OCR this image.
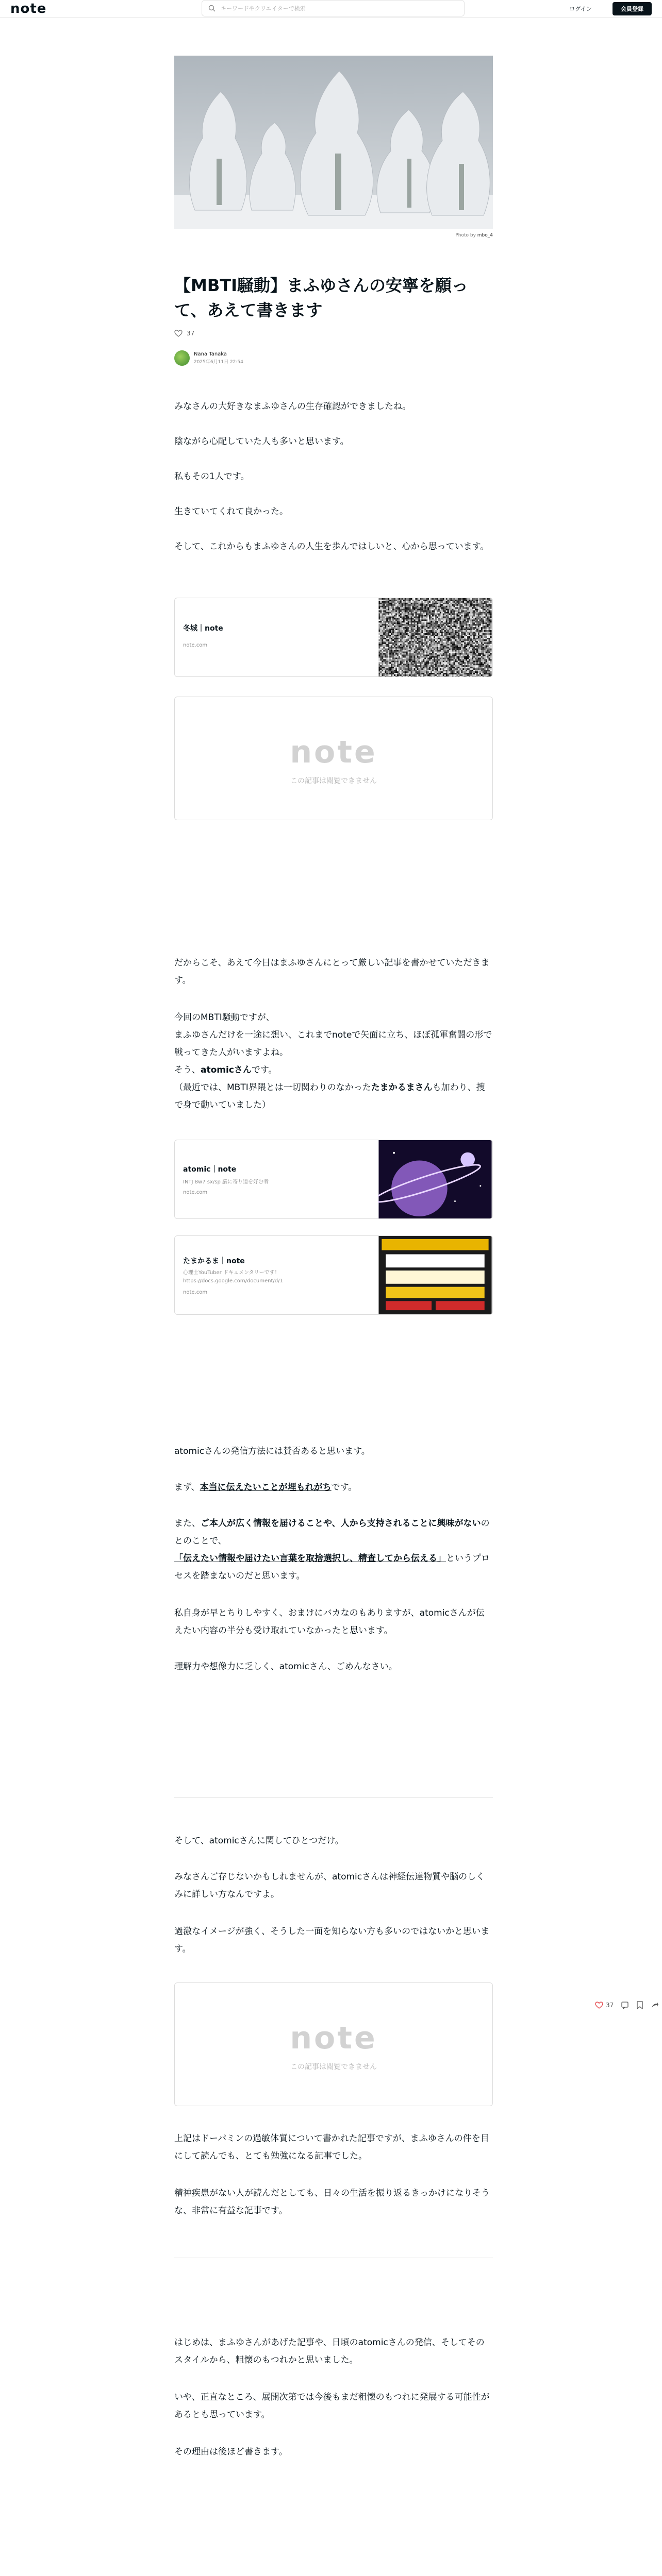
note
キーワードやクリエイターで検索	ログイン	会員登録
Photo by mbo_4
【MBTI騒動】まふゆさんの安寧を願って、あえて書きます
37
Nana Tanaka
2025年6月11日 22:54
みなさんの大好きなまふゆさんの生存確認ができましたね。
陰ながら心配していた人も多いと思います。
私もその1人です。
生きていてくれて良かった。
そして、これからもまふゆさんの人生を歩んではしいと、心から思っています。
冬城｜note
note.com
note
この記事は閲覧できません
だからこそ、あえて今日はまふゆさんにとって厳しい記事を書かせていただきます。
今回のMBTI騒動ですが、
まふゆさんだけを一途に想い、これまでnoteで矢面に立ち、ほぼ孤軍奮闘の形で戦ってきた人がいますよね。
そう、atomicさんです。
（最近では、MBTI界隈とは一切関わりのなかったたまかるまさんも加わり、捜で身で動いていました）
atomic｜note
INTJ 8w7 sx/sp 脳に寄り道を好む者
note.com
たまかるま｜note
心理士YouTuber ドキュメンタリーです！ https://docs.google.com/document/d/1
note.com
atomicさんの発信方法には賛否あると思います。
まず、本当に伝えたいことが埋もれがちです。
また、ご本人が広く情報を届けることや、人から支持されることに興味がないのとのことで、「伝えたい情報や届けたい言葉を取捨選択し、精査してから伝える」というプロセスを踏まないのだと思います。
私自身が早とちりしやすく、おまけにバカなのもありますが、atomicさんが伝えたい内容の半分も受け取れていなかったと思います。
理解力や想像力に乏しく、atomicさん、ごめんなさい。
そして、atomicさんに関してひとつだけ。
みなさんご存じないかもしれませんが、atomicさんは神経伝達物質や脳のしくみに詳しい方なんですよ。
過激なイメージが強く、そうした一面を知らない方も多いのではないかと思います。
note
この記事は閲覧できません
37
上記はドーパミンの過敏体質について書かれた記事ですが、まふゆさんの件を目にして読んでも、とても勉強になる記事でした。
精神疾患がない人が読んだとしても、日々の生活を振り返るきっかけになりそうな、非常に有益な記事です。
はじめは、まふゆさんがあげた記事や、日頃のatomicさんの発信、そしてそのスタイルから、粗懐のもつれかと思いました。
いや、正直なところ、展開次第では今後もまだ粗懐のもつれに発展する可能性があるとも思っています。
その理由は後ほど書きます。
